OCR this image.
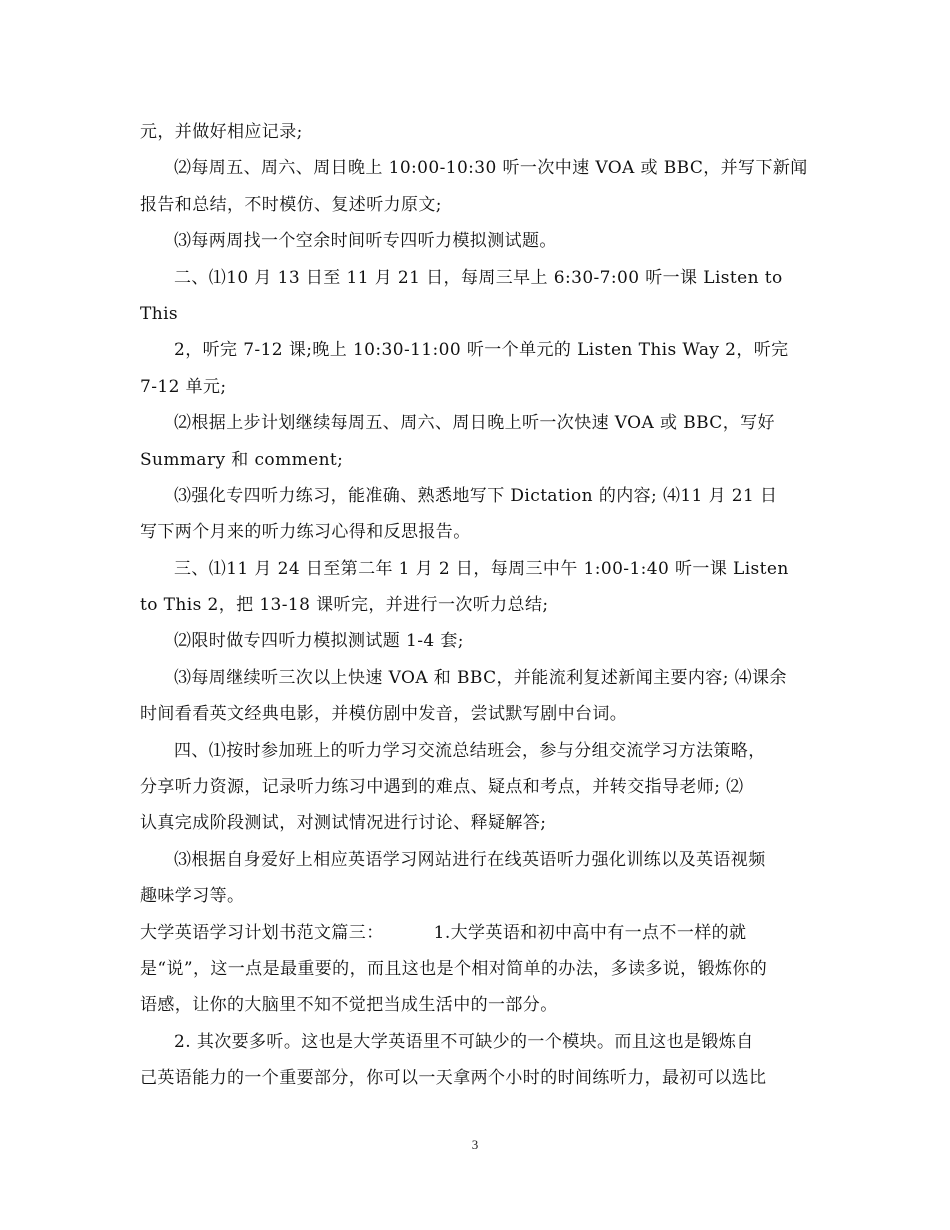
元，并做好相应记录;
⑵每周五、周六、周日晚上 10:00-10:30 听一次中速 VOA 或 BBC，并写下新闻
报告和总结，不时模仿、复述听力原文;
⑶每两周找一个空余时间听专四听力模拟测试题。
二、⑴10 月 13 日至 11 月 21 日，每周三早上 6:30-7:00 听一课 Listen to
This
2，听完 7-12 课;晚上 10:30-11:00 听一个单元的 Listen This Way 2，听完
7-12 单元;
⑵根据上步计划继续每周五、周六、周日晚上听一次快速 VOA 或 BBC，写好
Summary 和 comment;
⑶强化专四听力练习，能准确、熟悉地写下 Dictation 的内容; ⑷11 月 21 日
写下两个月来的听力练习心得和反思报告。
三、⑴11 月 24 日至第二年 1 月 2 日，每周三中午 1:00-1:40 听一课 Listen
to This 2，把 13-18 课听完，并进行一次听力总结;
⑵限时做专四听力模拟测试题 1-4 套;
⑶每周继续听三次以上快速 VOA 和 BBC，并能流利复述新闻主要内容; ⑷课余
时间看看英文经典电影，并模仿剧中发音，尝试默写剧中台词。
四、⑴按时参加班上的听力学习交流总结班会，参与分组交流学习方法策略，
分享听力资源，记录听力练习中遇到的难点、疑点和考点，并转交指导老师; ⑵
认真完成阶段测试，对测试情况进行讨论、释疑解答;
⑶根据自身爱好上相应英语学习网站进行在线英语听力强化训练以及英语视频
趣味学习等。
大学英语学习计划书范文篇三：	1.大学英语和初中高中有一点不一样的就
是“说”，这一点是最重要的，而且这也是个相对简单的办法，多读多说，锻炼你的
语感，让你的大脑里不知不觉把当成生活中的一部分。
2. 其次要多听。这也是大学英语里不可缺少的一个模块。而且这也是锻炼自
己英语能力的一个重要部分，你可以一天拿两个小时的时间练听力，最初可以选比
3
